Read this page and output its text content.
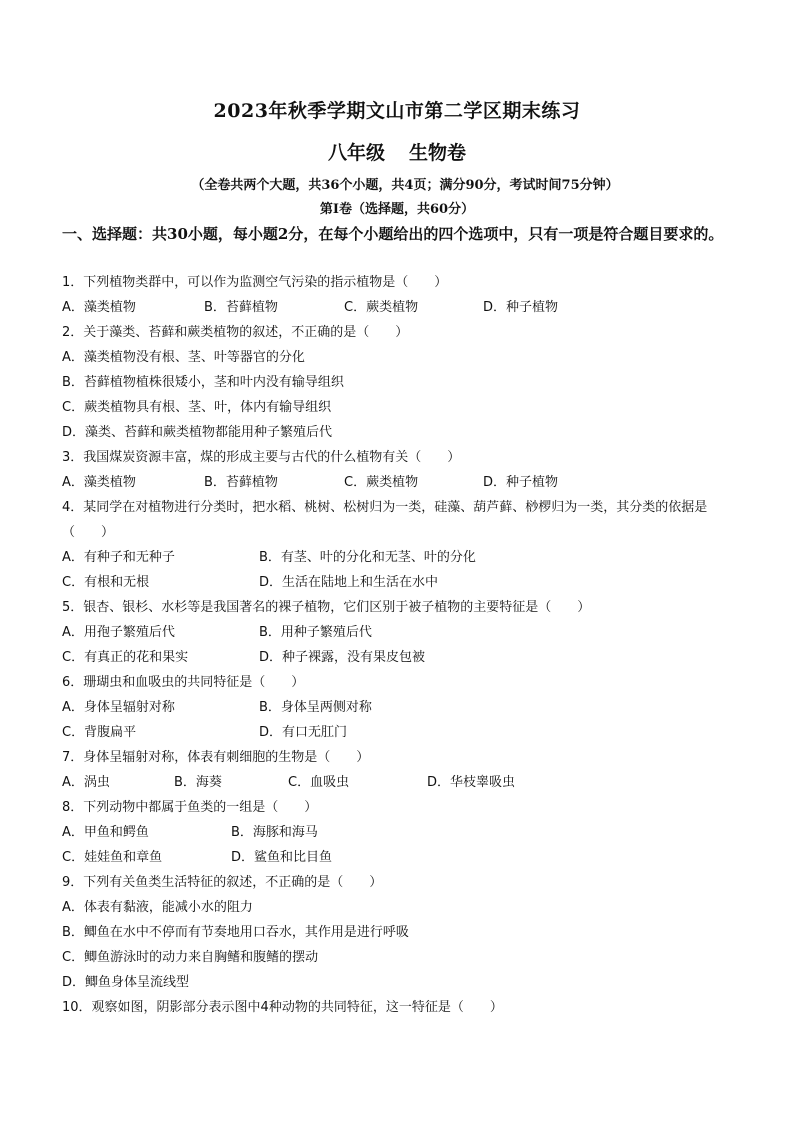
2023年秋季学期文山市第二学区期末练习
八年级 生物卷
（全卷共两个大题，共36个小题，共4页；满分90分，考试时间75分钟）
第I卷（选择题，共60分）
一、选择题：共30小题，每小题2分，在每个小题给出的四个选项中，只有一项是符合题目要求的。
1．下列植物类群中，可以作为监测空气污染的指示植物是（　　）
A．藻类植物	B．苔藓植物	C．蕨类植物	D．种子植物
2．关于藻类、苔藓和蕨类植物的叙述，不正确的是（　　）
A．藻类植物没有根、茎、叶等器官的分化
B．苔藓植物植株很矮小，茎和叶内没有输导组织
C．蕨类植物具有根、茎、叶，体内有输导组织
D．藻类、苔藓和蕨类植物都能用种子繁殖后代
3．我国煤炭资源丰富，煤的形成主要与古代的什么植物有关（　　）
A．藻类植物	B．苔藓植物	C．蕨类植物	D．种子植物
4．某同学在对植物进行分类时，把水稻、桃树、松树归为一类，硅藻、葫芦藓、桫椤归为一类，其分类的依据是（　　）
A．有种子和无种子	B．有茎、叶的分化和无茎、叶的分化
C．有根和无根	D．生活在陆地上和生活在水中
5．银杏、银杉、水杉等是我国著名的裸子植物，它们区别于被子植物的主要特征是（　　）
A．用孢子繁殖后代	B．用种子繁殖后代
C．有真正的花和果实	D．种子裸露，没有果皮包被
6．珊瑚虫和血吸虫的共同特征是（　　）
A．身体呈辐射对称	B．身体呈两侧对称
C．背腹扁平	D．有口无肛门
7．身体呈辐射对称，体表有刺细胞的生物是（　　）
A．涡虫	B．海葵	C．血吸虫	D．华枝睾吸虫
8．下列动物中都属于鱼类的一组是（　　）
A．甲鱼和鳄鱼	B．海豚和海马
C．娃娃鱼和章鱼	D．鲨鱼和比目鱼
9．下列有关鱼类生活特征的叙述，不正确的是（　　）
A．体表有黏液，能减小水的阻力
B．鲫鱼在水中不停而有节奏地用口吞水，其作用是进行呼吸
C．鲫鱼游泳时的动力来自胸鳍和腹鳍的摆动
D．鲫鱼身体呈流线型
10．观察如图，阴影部分表示图中4种动物的共同特征，这一特征是（　　）
